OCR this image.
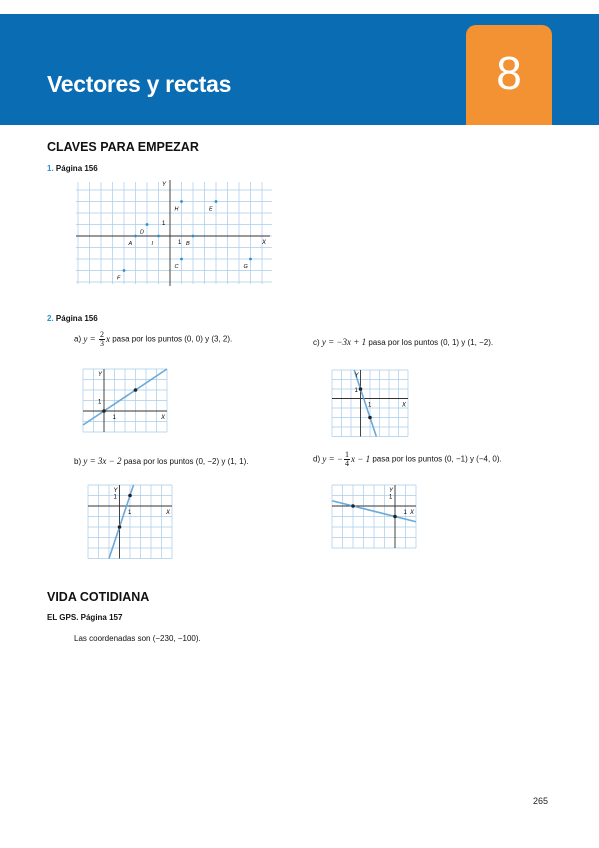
Vectores y rectas	8
CLAVES PARA EMPEZAR
1. Página 156
H	E
D
A	I	B
F
C	G
X
Y
1
1
2. Página 156
a) $y = \frac{2}{3}$ x pasa por los puntos (0, 0) y (3, 2).	c) y = −3x + 1 pasa por los puntos (0, 1) y (1, −2).
b) y = 3x − 2 pasa por los puntos (0, −2) y (1, 1).	d) y = − $\frac{1}{4}$ x − 1 pasa por los puntos (0, −1) y (−4, 0).
X
Y
1
1
X
Y
1
1
X
Y
1
1	X
Y
1
1
VIDA COTIDIANA
EL GPS. Página 157
Las coordenadas son (−230, −100).
265
